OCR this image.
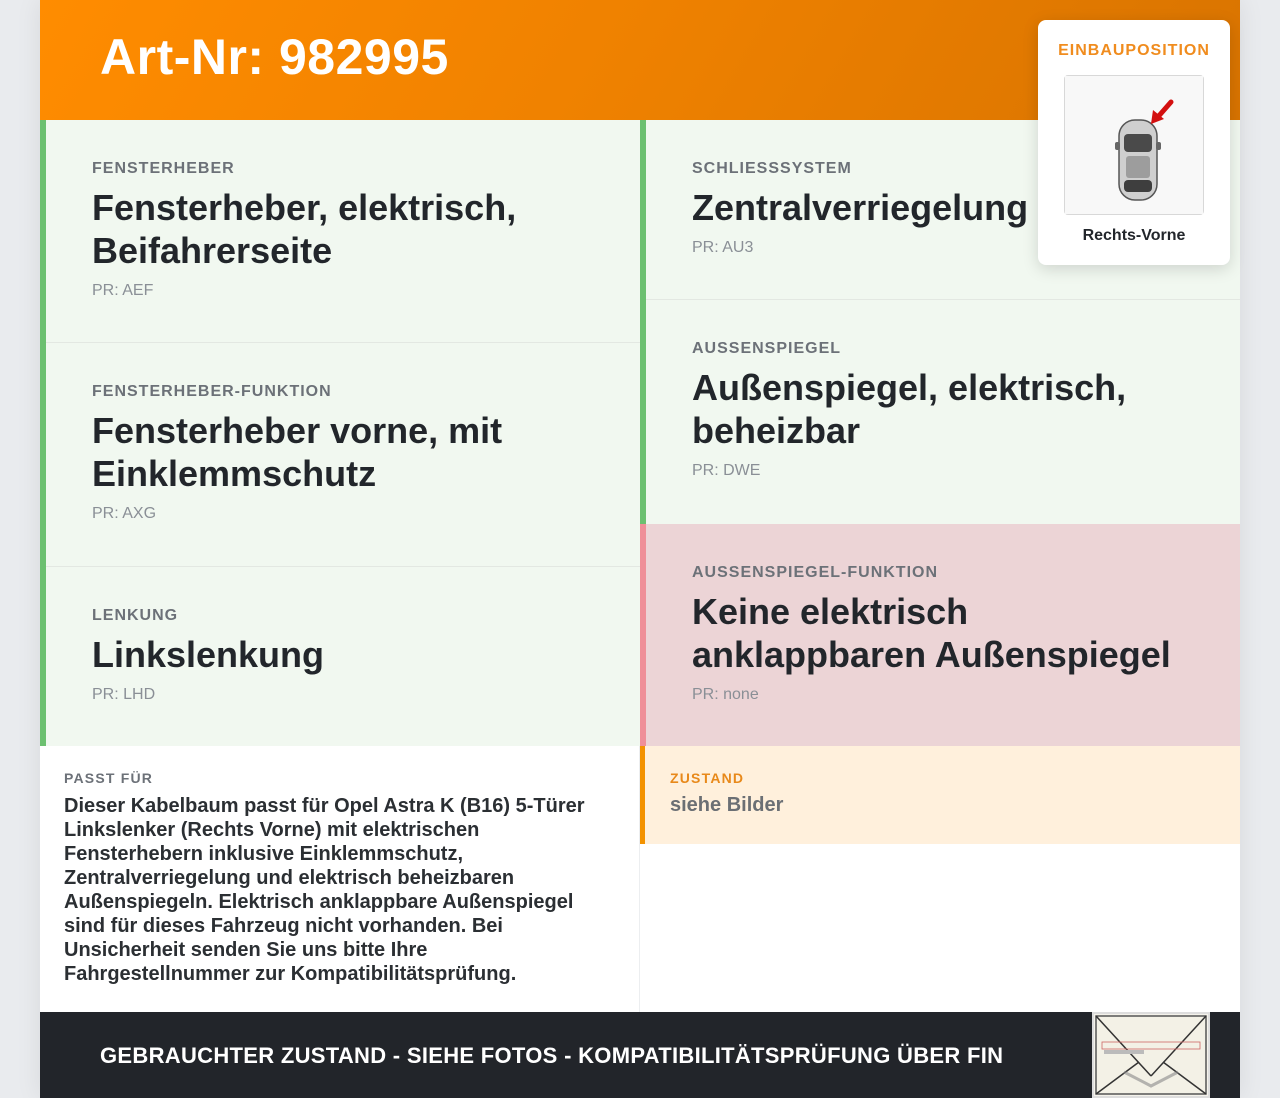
Art-Nr: 982995
FENSTERHEBER
Fensterheber, elektrisch, Beifahrerseite
PR: AEF
FENSTERHEBER-FUNKTION
Fensterheber vorne, mit Einklemmschutz
PR: AXG
LENKUNG
Linkslenkung
PR: LHD
SCHLIESSSYSTEM
Zentralverriegelung
PR: AU3
AUSSENSPIEGEL
Außenspiegel, elektrisch, beheizbar
PR: DWE
AUSSENSPIEGEL-FUNKTION
Keine elektrisch anklappbaren Außenspiegel
PR: none
PASST FÜR
Dieser Kabelbaum passt für Opel Astra K (B16) 5-Türer Linkslenker (Rechts Vorne) mit elektrischen Fensterhebern inklusive Einklemmschutz, Zentralverriegelung und elektrisch beheizbaren Außenspiegeln. Elektrisch anklappbare Außenspiegel sind für dieses Fahrzeug nicht vorhanden. Bei Unsicherheit senden Sie uns bitte Ihre Fahrgestellnummer zur Kompatibilitätsprüfung.
ZUSTAND
siehe Bilder
GEBRAUCHTER ZUSTAND - SIEHE FOTOS - KOMPATIBILITÄTSPRÜFUNG ÜBER FIN
EINBAUPOSITION
Rechts-Vorne
